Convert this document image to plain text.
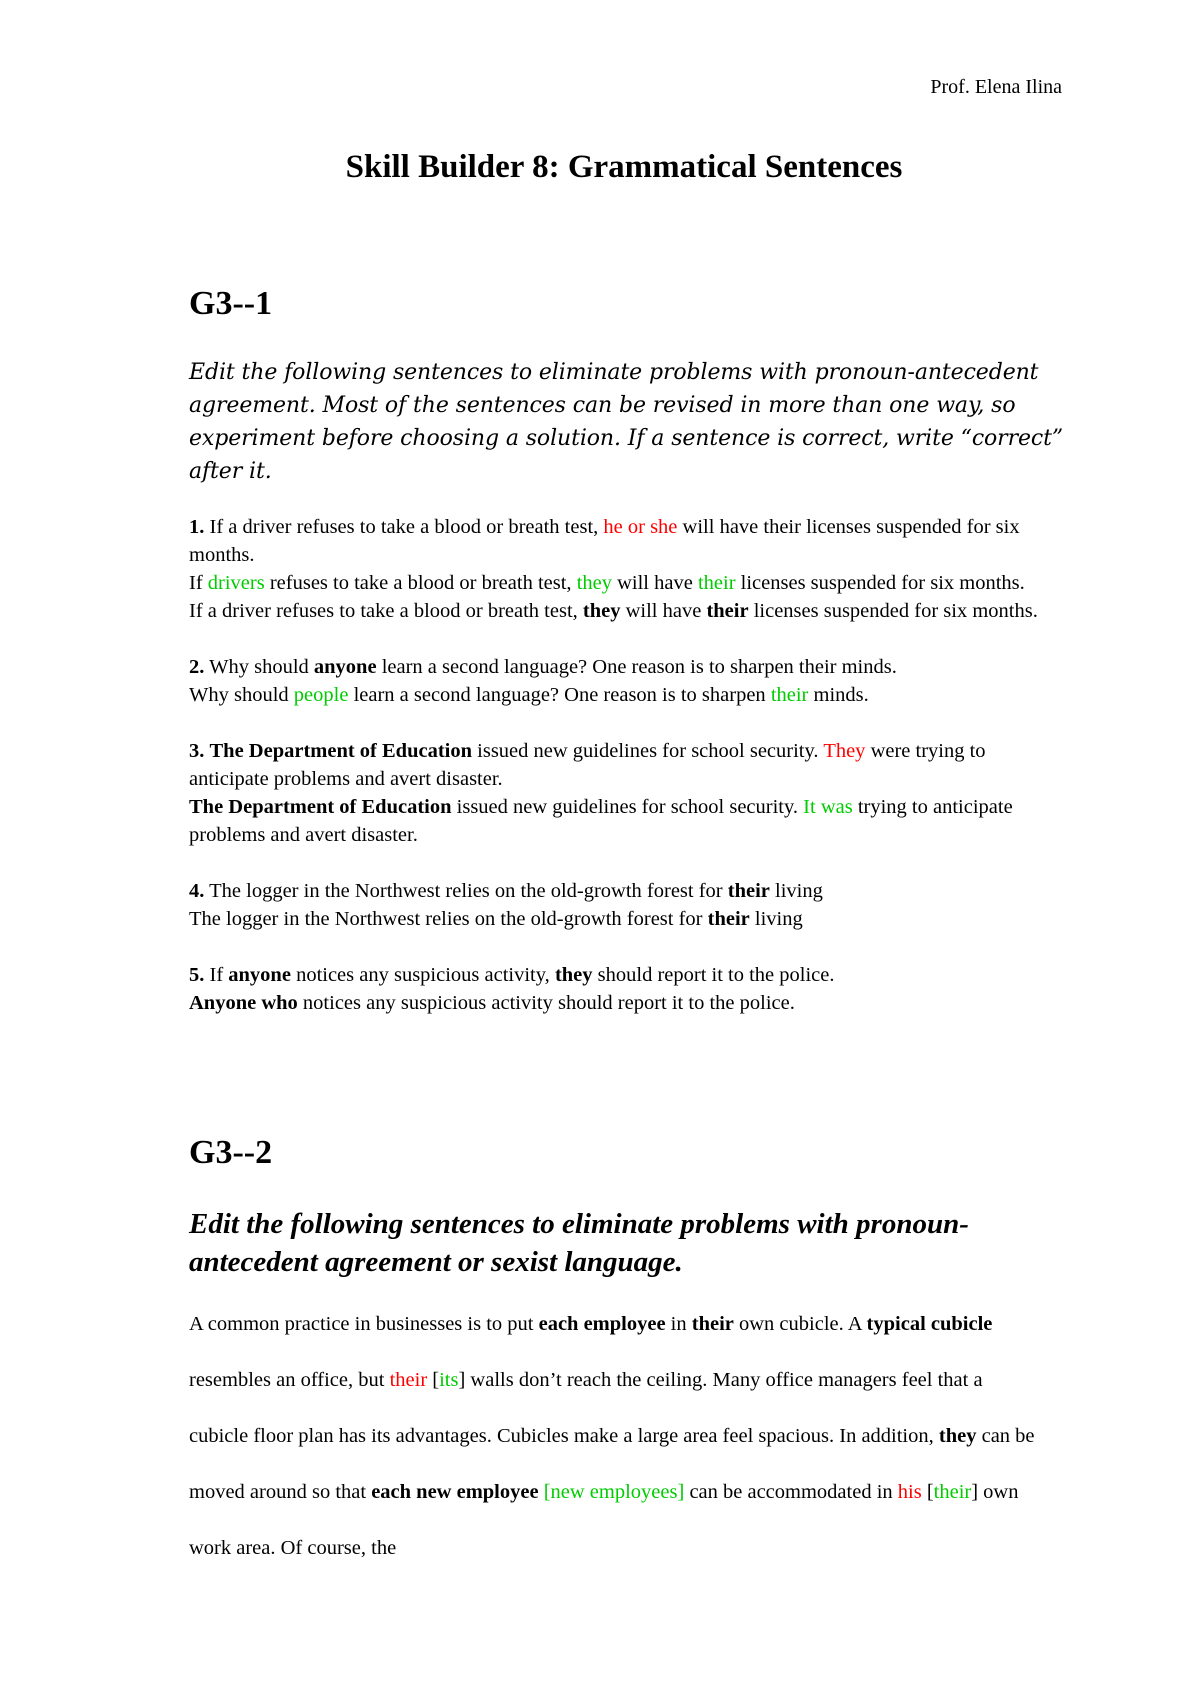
Prof. Elena Ilina
Skill Builder 8: Grammatical Sentences
G3--1
Edit the following sentences to eliminate problems with pronoun-antecedent agreement. Most of the sentences can be revised in more than one way, so experiment before choosing a solution. If a sentence is correct, write “correct” after it.

1. If a driver refuses to take a blood or breath test, he or she will have their licenses suspended for six months.

If drivers refuses to take a blood or breath test, they will have their licenses suspended for six months.

If a driver refuses to take a blood or breath test, they will have their licenses suspended for six months.

2. Why should anyone learn a second language? One reason is to sharpen their minds.

Why should people learn a second language? One reason is to sharpen their minds.

3. The Department of Education issued new guidelines for school security. They were trying to anticipate problems and avert disaster.

The Department of Education issued new guidelines for school security. It was trying to anticipate problems and avert disaster.

4. The logger in the Northwest relies on the old-growth forest for their living

The logger in the Northwest relies on the old-growth forest for their living

5. If anyone notices any suspicious activity, they should report it to the police.

Anyone who notices any suspicious activity should report it to the police.

G3--2
Edit the following sentences to eliminate problems with pronoun-antecedent agreement or sexist language.

A common practice in businesses is to put each employee in their own cubicle. A typical cubicle resembles an office, but their [its] walls don’t reach the ceiling. Many office managers feel that a cubicle floor plan has its advantages. Cubicles make a large area feel spacious. In addition, they can be moved around so that each new employee [new employees] can be accommodated in his [their] own work area. Of course, the
